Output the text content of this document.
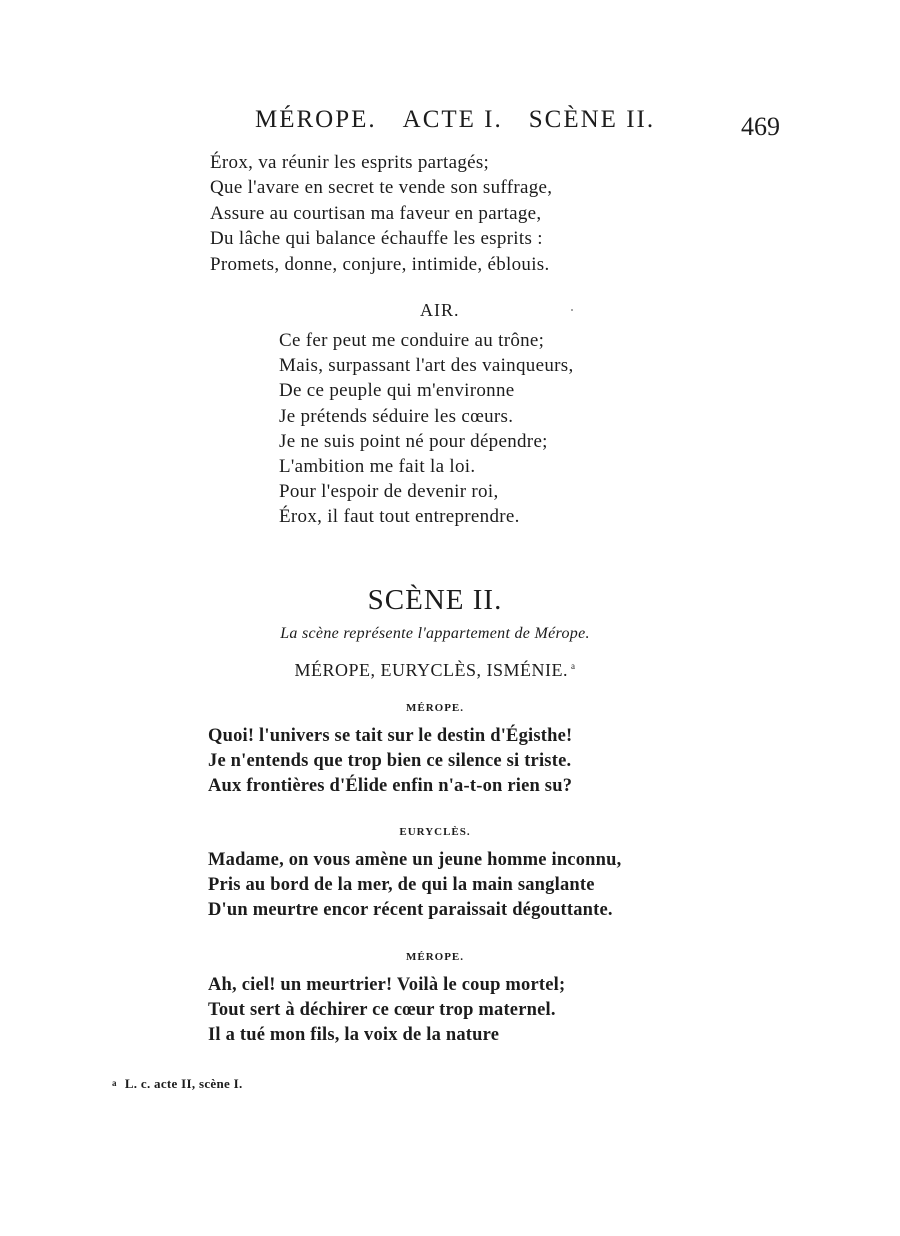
MÉROPE. ACTE I. SCÈNE II.	469
Érox, va réunir les esprits partagés;
Que l'avare en secret te vende son suffrage,
Assure au courtisan ma faveur en partage,
Du lâche qui balance échauffe les esprits :
Promets, donne, conjure, intimide, éblouis.
AIR.
Ce fer peut me conduire au trône;
Mais, surpassant l'art des vainqueurs,
De ce peuple qui m'environne
Je prétends séduire les cœurs.
Je ne suis point né pour dépendre;
L'ambition me fait la loi.
Pour l'espoir de devenir roi,
Érox, il faut tout entreprendre.
SCÈNE II.
La scène représente l'appartement de Mérope.
MÉROPE, EURYCLÈS, ISMÉNIE. $^a$
MÉROPE.
Quoi! l'univers se tait sur le destin d'Égisthe!
Je n'entends que trop bien ce silence si triste.
Aux frontières d'Élide enfin n'a-t-on rien su?
EURYCLÈS.
Madame, on vous amène un jeune homme inconnu,
Pris au bord de la mer, de qui la main sanglante
D'un meurtre encor récent paraissait dégouttante.
MÉROPE.
Ah, ciel! un meurtrier! Voilà le coup mortel;
Tout sert à déchirer ce cœur trop maternel.
Il a tué mon fils, la voix de la nature
a L. c. acte II, scène I.
